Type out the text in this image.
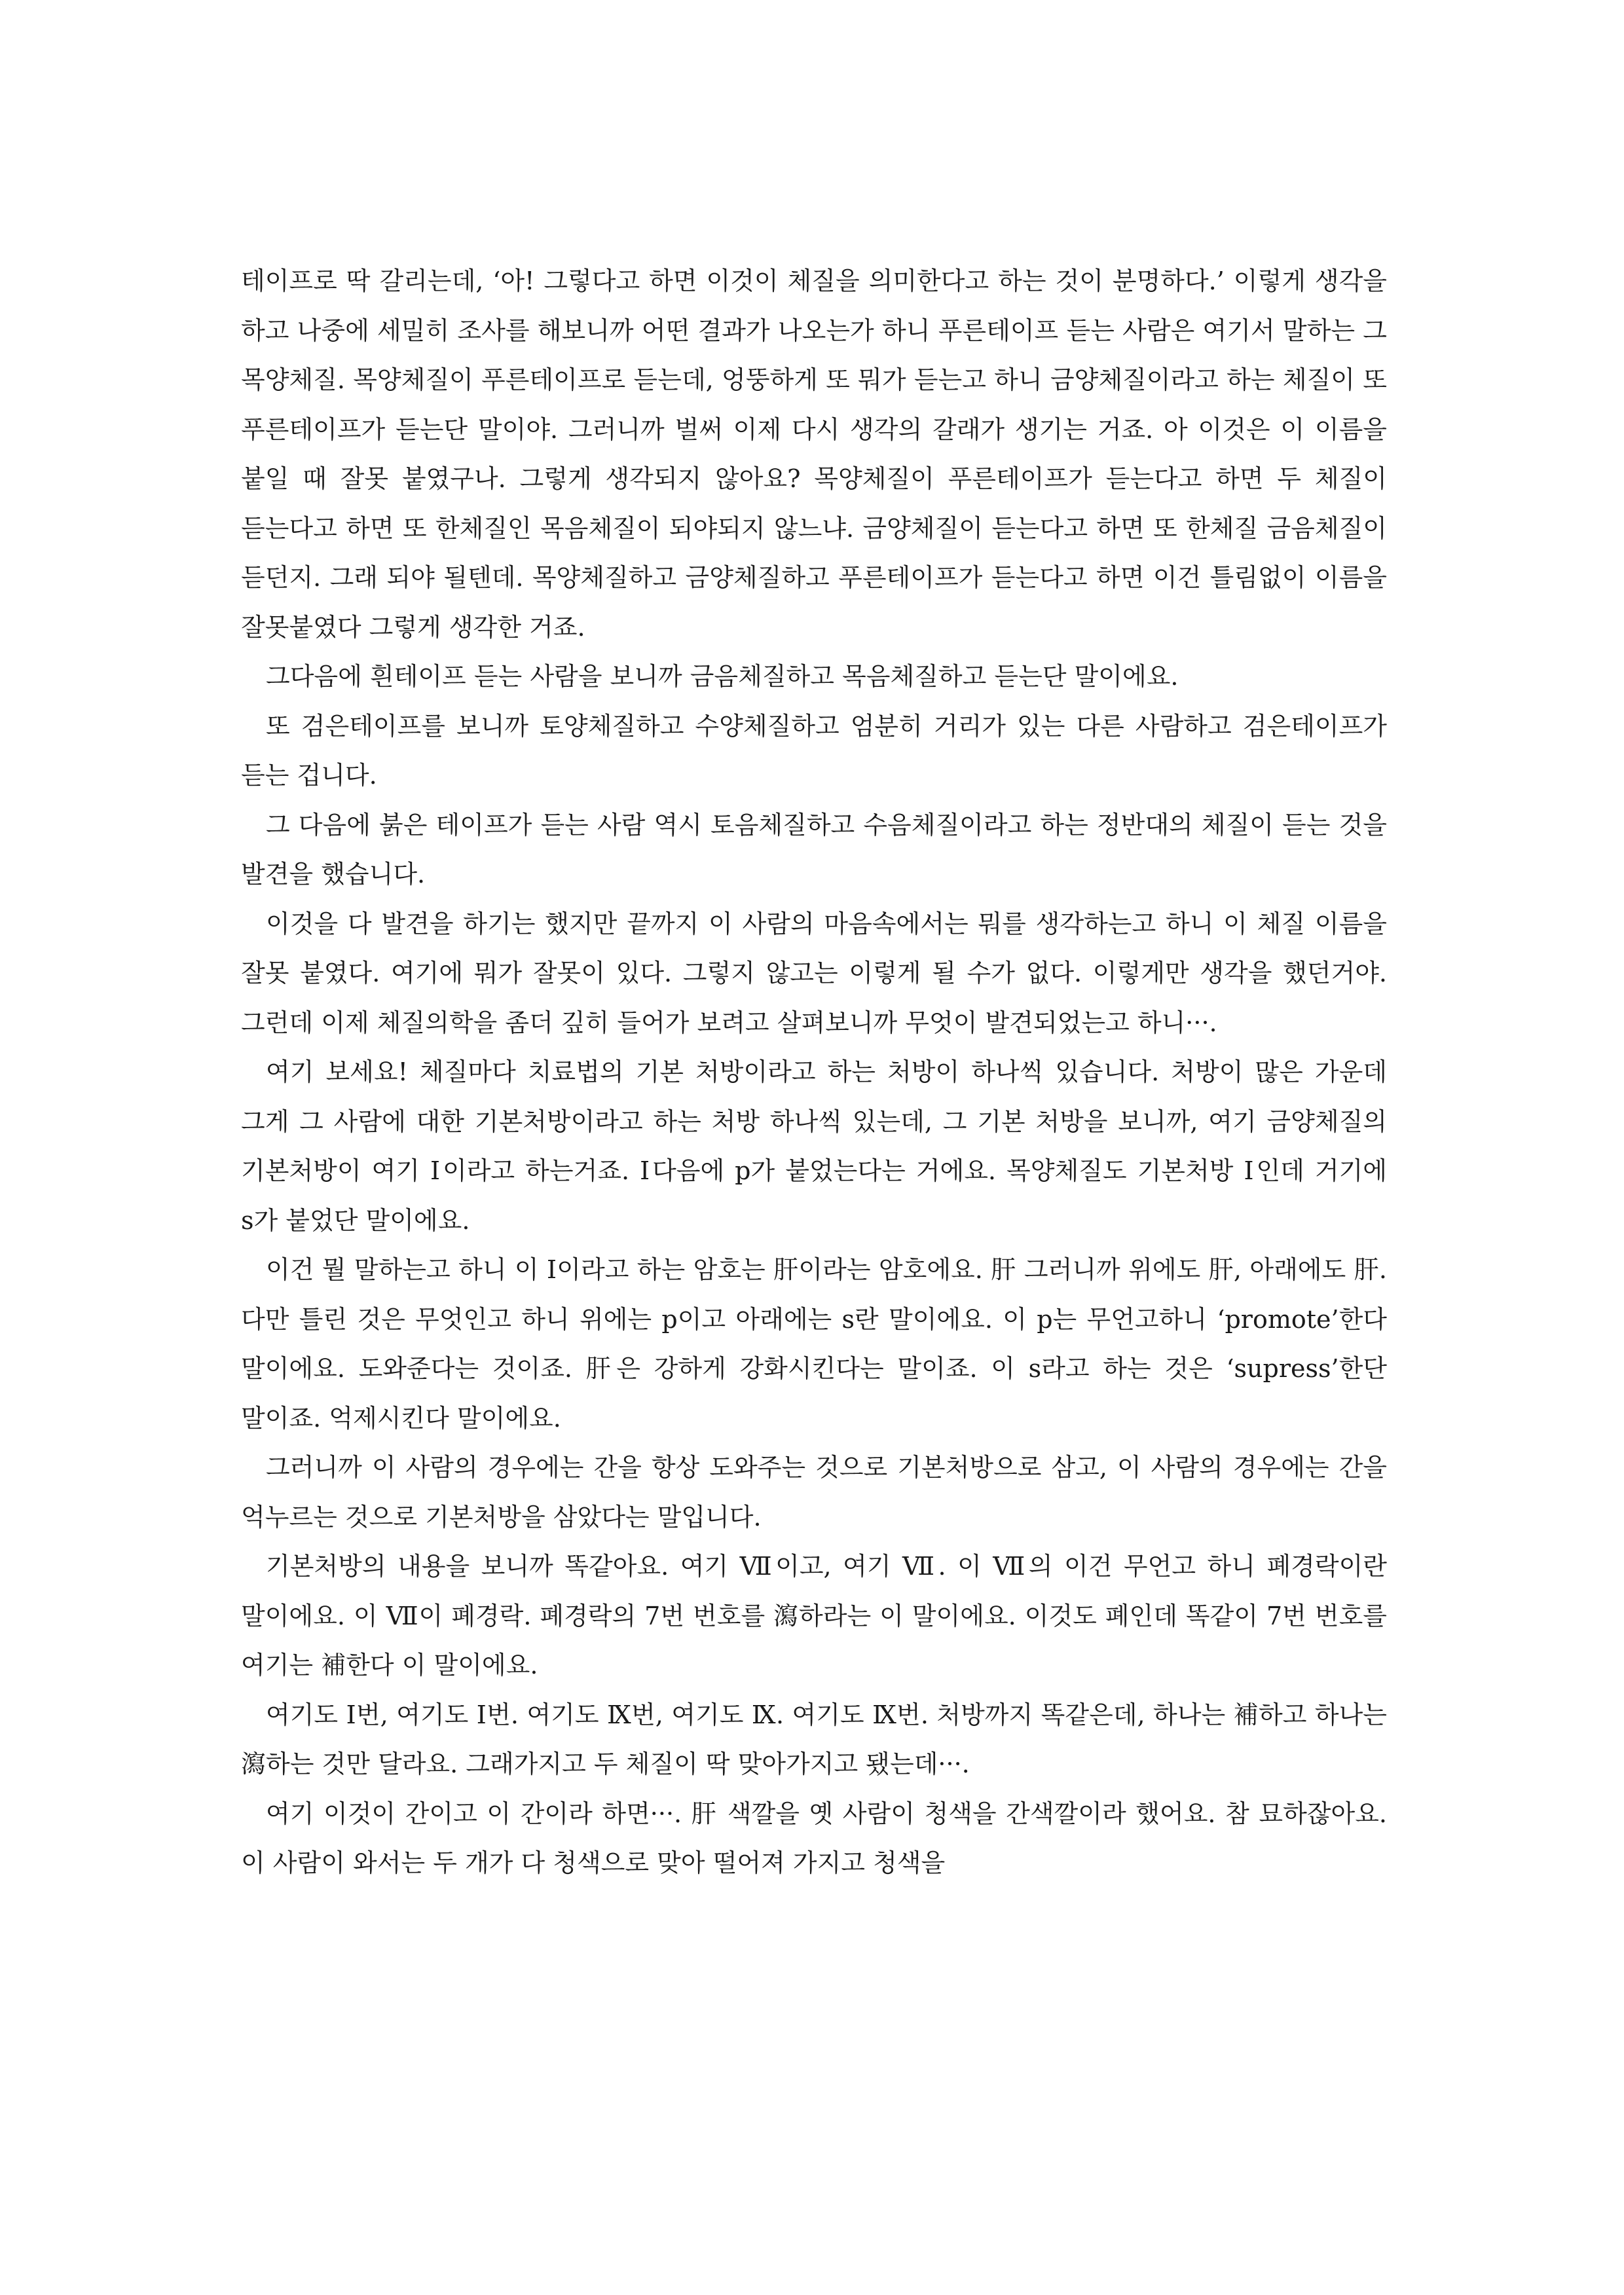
테이프로 딱 갈리는데, ‘아! 그렇다고 하면 이것이 체질을 의미한다고 하는 것이 분명하다.’ 이렇게 생각을 하고 나중에 세밀히 조사를 해보니까 어떤 결과가 나오는가 하니 푸른테이프 듣는 사람은 여기서 말하는 그 목양체질. 목양체질이 푸른테이프로 듣는데, 엉뚱하게 또 뭐가 듣는고 하니 금양체질이라고 하는 체질이 또 푸른테이프가 듣는단 말이야. 그러니까 벌써 이제 다시 생각의 갈래가 생기는 거죠. 아 이것은 이 이름을 붙일 때 잘못 붙였구나. 그렇게 생각되지 않아요? 목양체질이 푸른테이프가 듣는다고 하면 두 체질이 듣는다고 하면 또 한체질인 목음체질이 되야되지 않느냐. 금양체질이 듣는다고 하면 또 한체질 금음체질이 듣던지. 그래 되야 될텐데. 목양체질하고 금양체질하고 푸른테이프가 듣는다고 하면 이건 틀림없이 이름을 잘못붙였다 그렇게 생각한 거죠.

그다음에 흰테이프 듣는 사람을 보니까 금음체질하고 목음체질하고 듣는단 말이에요.

또 검은테이프를 보니까 토양체질하고 수양체질하고 엄분히 거리가 있는 다른 사람하고 검은테이프가 듣는 겁니다.

그 다음에 붉은 테이프가 듣는 사람 역시 토음체질하고 수음체질이라고 하는 정반대의 체질이 듣는 것을 발견을 했습니다.

이것을 다 발견을 하기는 했지만 끝까지 이 사람의 마음속에서는 뭐를 생각하는고 하니 이 체질 이름을 잘못 붙였다. 여기에 뭐가 잘못이 있다. 그렇지 않고는 이렇게 될 수가 없다. 이렇게만 생각을 했던거야. 그런데 이제 체질의학을 좀더 깊히 들어가 보려고 살펴보니까 무엇이 발견되었는고 하니···.

여기 보세요! 체질마다 치료법의 기본 처방이라고 하는 처방이 하나씩 있습니다. 처방이 많은 가운데 그게 그 사람에 대한 기본처방이라고 하는 처방 하나씩 있는데, 그 기본 처방을 보니까, 여기 금양체질의 기본처방이 여기 Ⅰ이라고 하는거죠. Ⅰ다음에 p가 붙었는다는 거에요. 목양체질도 기본처방 Ⅰ인데 거기에 s가 붙었단 말이에요.

이건 뭘 말하는고 하니 이 Ⅰ이라고 하는 암호는 肝이라는 암호에요. 肝 그러니까 위에도 肝, 아래에도 肝. 다만 틀린 것은 무엇인고 하니 위에는 p이고 아래에는 s란 말이에요. 이 p는 무언고하니 ‘promote’한다 말이에요. 도와준다는 것이죠. 肝은 강하게 강화시킨다는 말이죠. 이 s라고 하는 것은 ‘supress’한단 말이죠. 억제시킨다 말이에요.

그러니까 이 사람의 경우에는 간을 항상 도와주는 것으로 기본처방으로 삼고, 이 사람의 경우에는 간을 억누르는 것으로 기본처방을 삼았다는 말입니다.

기본처방의 내용을 보니까 똑같아요. 여기 Ⅶ이고, 여기 Ⅶ. 이 Ⅶ의 이건 무언고 하니 폐경락이란 말이에요. 이 Ⅶ이 폐경락. 폐경락의 7번 번호를 瀉하라는 이 말이에요. 이것도 폐인데 똑같이 7번 번호를 여기는 補한다 이 말이에요.

여기도 Ⅰ번, 여기도 Ⅰ번. 여기도 Ⅸ번, 여기도 Ⅸ. 여기도 Ⅸ번. 처방까지 똑같은데, 하나는 補하고 하나는 瀉하는 것만 달라요. 그래가지고 두 체질이 딱 맞아가지고 됐는데···.

여기 이것이 간이고 이 간이라 하면···. 肝 색깔을 옛 사람이 청색을 간색깔이라 했어요. 참 묘하잖아요. 이 사람이 와서는 두 개가 다 청색으로 맞아 떨어져 가지고 청색을
